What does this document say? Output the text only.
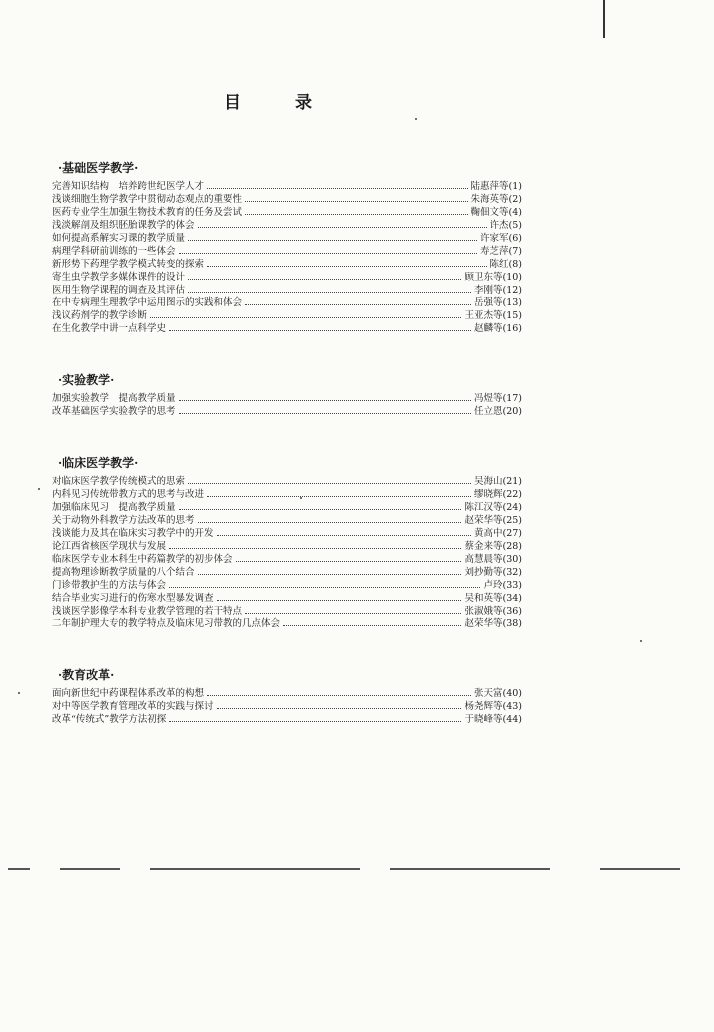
目 录
·基础医学教学·
完善知识结构　培养跨世纪医学人才	陆惠萍等(1)
浅谈细胞生物学教学中贯彻动态观点的重要性	朱海英等(2)
医药专业学生加强生物技术教育的任务及尝试	鞠佃文等(4)
浅淡解剖及组织胚胎课教学的体会	许杰(5)
如何提高系解实习课的教学质量	许家军(6)
病理学科研前训练的一些体会	寿芝萍(7)
新形势下药理学教学模式转变的探索	陈红(8)
寄生虫学教学多媒体课件的设计	顾卫东等(10)
医用生物学课程的调查及其评估	李刚等(12)
在中专病理生理教学中运用图示的实践和体会	岳强等(13)
浅议药剂学的教学诊断	王亚杰等(15)
在生化教学中讲一点科学史	赵麟等(16)
·实验教学·
加强实验教学　提高教学质量	冯煜等(17)
改革基础医学实验教学的思考	任立恩(20)
·临床医学教学·
对临床医学教学传统模式的思索	吴海山(21)
内科见习传统带教方式的思考与改进	缪晓辉(22)
加强临床见习　提高教学质量	陈江汉等(24)
关于动物外科教学方法改革的思考	赵荣华等(25)
浅谈能力及其在临床实习教学中的开发	黄高中(27)
论江西省核医学现状与发展	蔡金来等(28)
临床医学专业本科生中药篇教学的初步体会	高慧晨等(30)
提高物理诊断教学质量的八个结合	刘抄勤等(32)
门诊带教护生的方法与体会	卢玲(33)
结合毕业实习进行的伤寒水型暴发调查	吴和英等(34)
浅谈医学影像学本科专业教学管理的若干特点	张淑娥等(36)
二年制护理大专的教学特点及临床见习带教的几点体会	赵荣华等(38)
·教育改革·
面向新世纪中药课程体系改革的构想	张天富(40)
对中等医学教育管理改革的实践与探讨	杨尧辉等(43)
改革“传统式”教学方法初探	于晓峰等(44)
